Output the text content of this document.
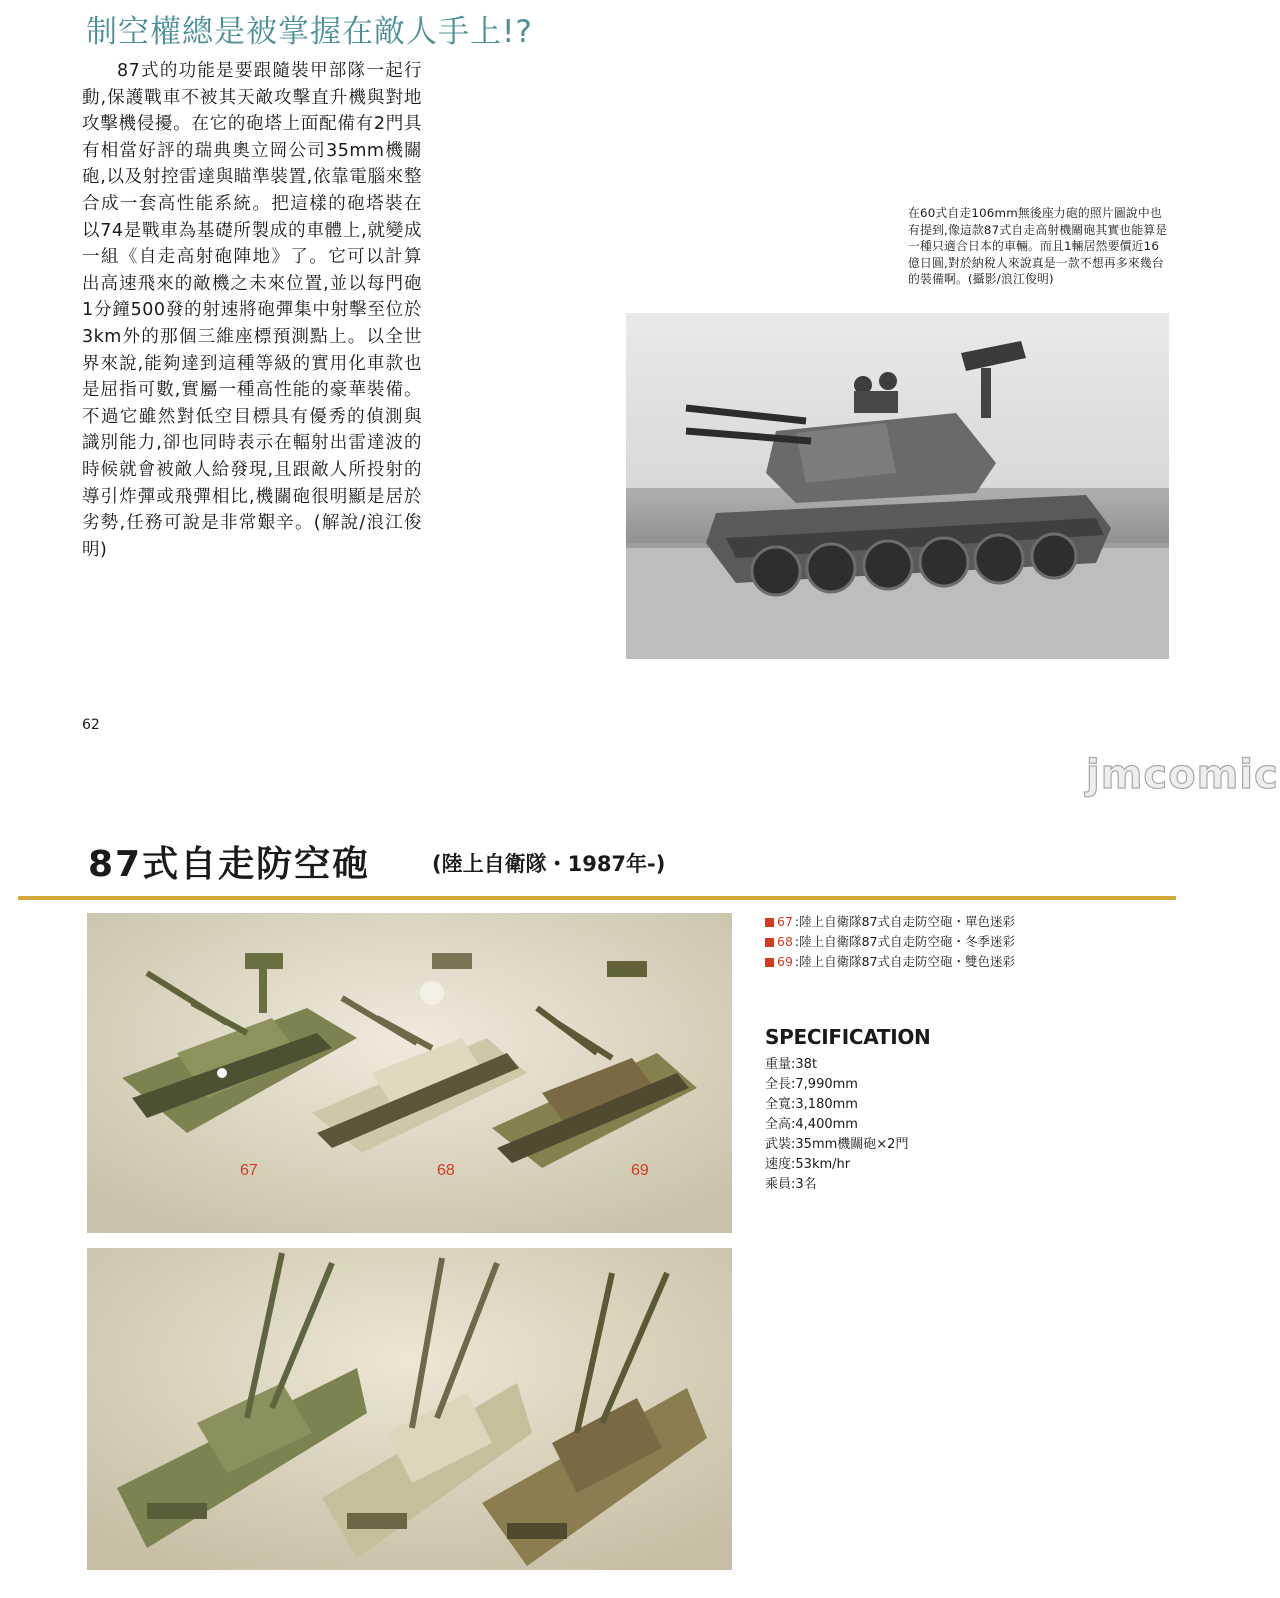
制空權總是被掌握在敵人手上!?
87式的功能是要跟隨裝甲部隊一起行動,保護戰車不被其天敵攻擊直升機與對地攻擊機侵擾。在它的砲塔上面配備有2門具有相當好評的瑞典奧立岡公司35mm機關砲,以及射控雷達與瞄準裝置,依靠電腦來整合成一套高性能系統。把這樣的砲塔裝在以74是戰車為基礎所製成的車體上,就變成一組《自走高射砲陣地》了。它可以計算出高速飛來的敵機之未來位置,並以每門砲1分鐘500發的射速將砲彈集中射擊至位於3km外的那個三維座標預測點上。以全世界來說,能夠達到這種等級的實用化車款也是屈指可數,實屬一種高性能的豪華裝備。不過它雖然對低空目標具有優秀的偵測與識別能力,卻也同時表示在輻射出雷達波的時候就會被敵人給發現,且跟敵人所投射的導引炸彈或飛彈相比,機關砲很明顯是居於劣勢,任務可說是非常艱辛。(解說/浪江俊明)
在60式自走106mm無後座力砲的照片圖說中也有提到,像這款87式自走高射機關砲其實也能算是一種只適合日本的車輛。而且1輛居然要價近16億日圓,對於納稅人來說真是一款不想再多來幾台的裝備啊。(攝影/浪江俊明)
62
jmcomic
87式自走防空砲	(陸上自衛隊・1987年-)
67	68	69
67 :陸上自衛隊87式自走防空砲・單色迷彩
68 :陸上自衛隊87式自走防空砲・冬季迷彩
69 :陸上自衛隊87式自走防空砲・雙色迷彩
SPECIFICATION
重量:38t
全長:7,990mm
全寬:3,180mm
全高:4,400mm
武裝:35mm機關砲×2門
速度:53km/hr
乘員:3名
